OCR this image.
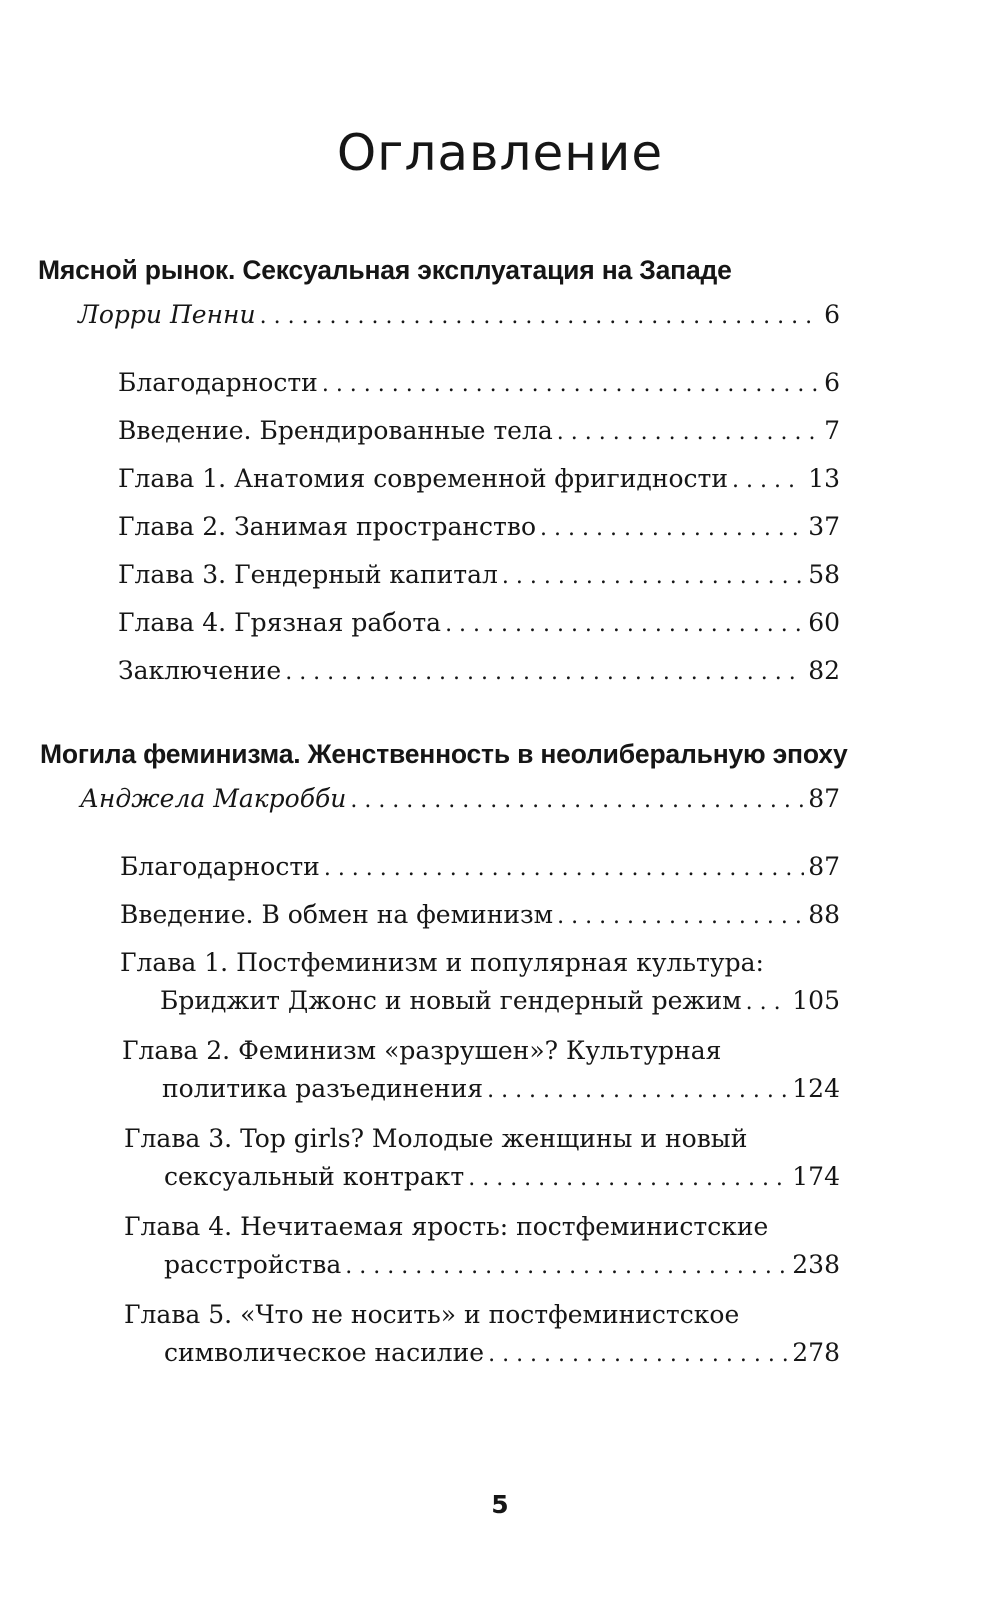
Оглавление
Мясной рынок. Сексуальная эксплуатация на Западе
Лорри Пенни . . .	6
Благодарности . . .	6
Введение. Брендированные тела . . .	7
Глава 1. Анатомия современной фригидности . . .	13
Глава 2. Занимая пространство . . .	37
Глава 3. Гендерный капитал . . .	58
Глава 4. Грязная работа . . .	60
Заключение . . .	82
Могила феминизма. Женственность в неолиберальную эпоху
Анджела Макробби . . .	87
Благодарности . . .	87
Введение. В обмен на феминизм . . .	88
Глава 1. Постфеминизм и популярная культура:
Бриджит Джонс и новый гендерный режим . . . 105
Глава 2. Феминизм «разрушен»? Культурная
политика разъединения . . .	124
Глава 3. Top girls? Молодые женщины и новый
сексуальный контракт . . .	174
Глава 4. Нечитаемая ярость: постфеминистские
расстройства . . .	238
Глава 5. «Что не носить» и постфеминистское
символическое насилие . . .	278
5
